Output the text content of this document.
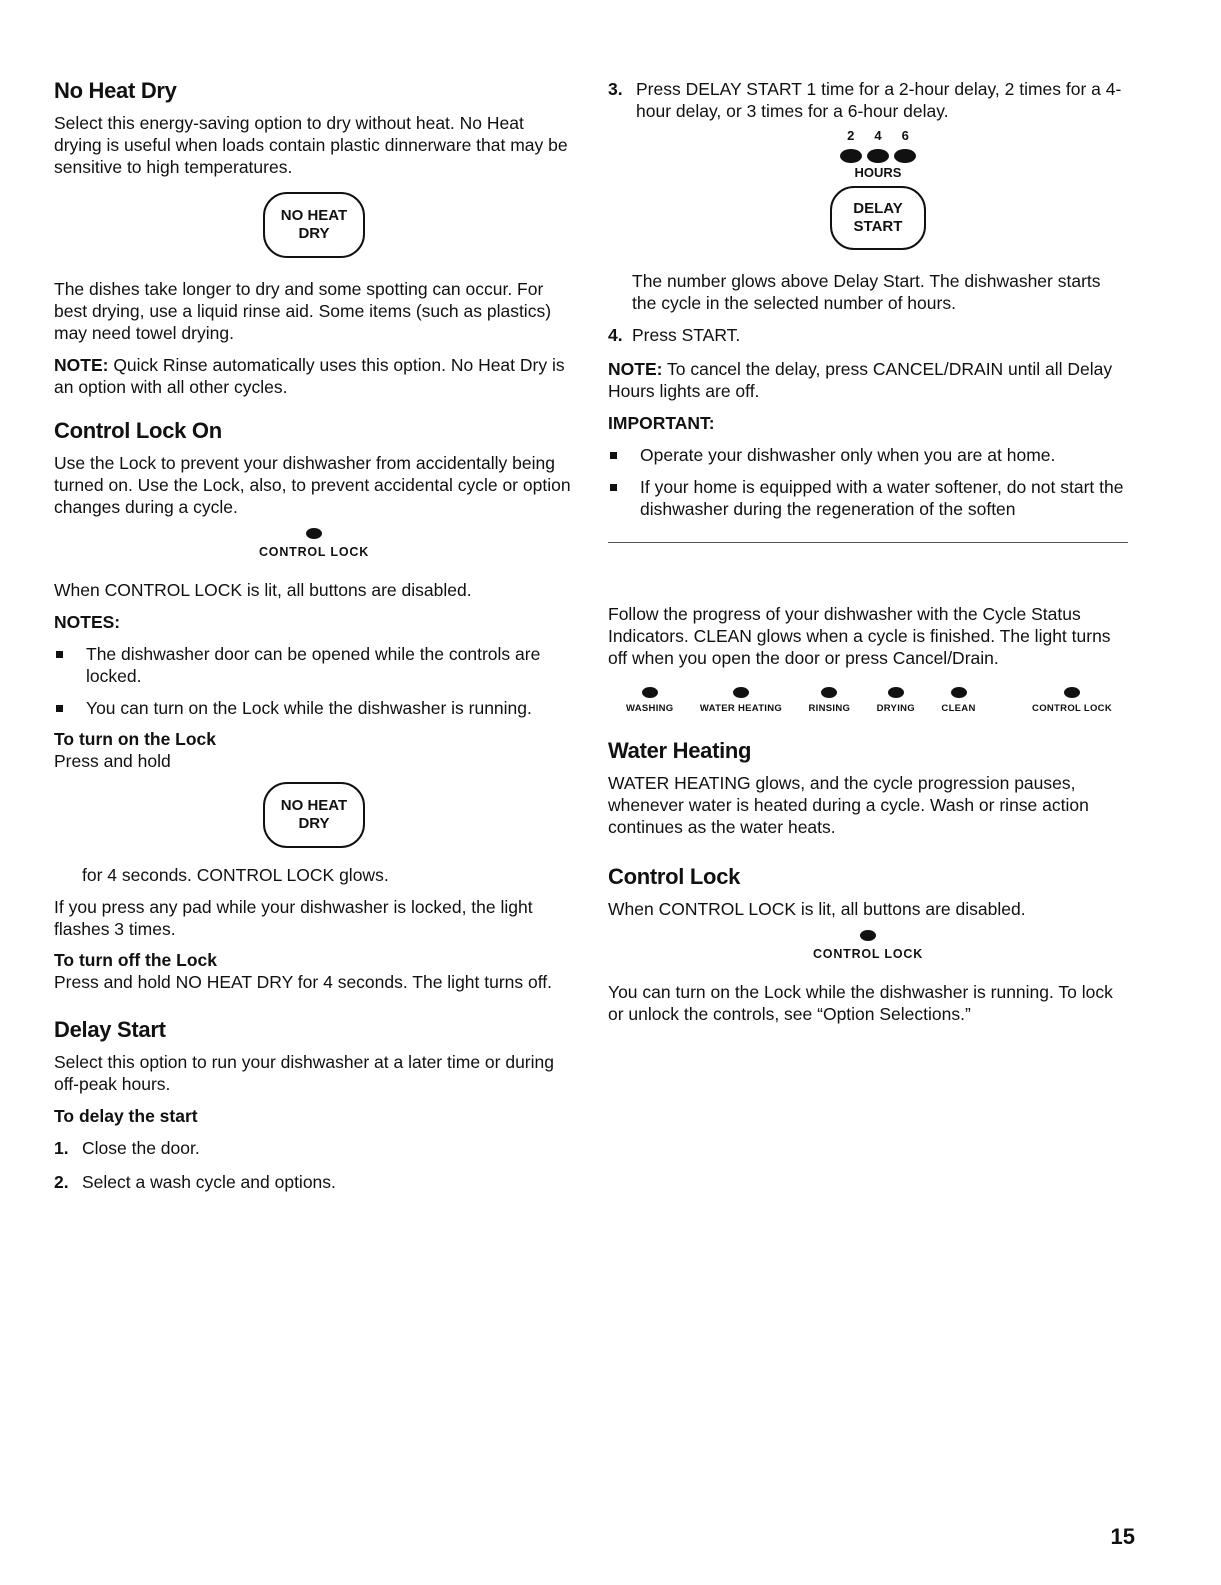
No Heat Dry

Select this energy-saving option to dry without heat. No Heat drying is useful when loads contain plastic dinnerware that may be sensitive to high temperatures.

NO HEAT
DRY

The dishes take longer to dry and some spotting can occur. For best drying, use a liquid rinse aid. Some items (such as plastics) may need towel drying.

NOTE: Quick Rinse automatically uses this option. No Heat Dry is an option with all other cycles.

Control Lock On

Use the Lock to prevent your dishwasher from accidentally being turned on. Use the Lock, also, to prevent accidental cycle or option changes during a cycle.

CONTROL LOCK

When CONTROL LOCK is lit, all buttons are disabled.

NOTES:

The dishwasher door can be opened while the controls are locked.
You can turn on the Lock while the dishwasher is running.
To turn on the Lock

Press and hold

NO HEAT
DRY

for 4 seconds. CONTROL LOCK glows.

If you press any pad while your dishwasher is locked, the light flashes 3 times.

To turn off the Lock

Press and hold NO HEAT DRY for 4 seconds. The light turns off.

Delay Start

Select this option to run your dishwasher at a later time or during off-peak hours.

To delay the start

1. Close the door.
2. Select a wash cycle and options.
3. Press DELAY START 1 time for a 2-hour delay, 2 times for a 4-hour delay, or 3 times for a 6-hour delay.

2 4 6
HOURS
DELAY
START

The number glows above Delay Start. The dishwasher starts the cycle in the selected number of hours.

4. Press START.

NOTE: To cancel the delay, press CANCEL/DRAIN until all Delay Hours lights are off.

IMPORTANT:

Operate your dishwasher only when you are at home.
If your home is equipped with a water softener, do not start the dishwasher during the regeneration of the soften

Follow the progress of your dishwasher with the Cycle Status Indicators. CLEAN glows when a cycle is finished. The light turns off when you open the door or press Cancel/Drain.

WASHING	WATER HEATING	RINSING	DRYING	CLEAN	CONTROL LOCK
Water Heating

WATER HEATING glows, and the cycle progression pauses, whenever water is heated during a cycle. Wash or rinse action continues as the water heats.

Control Lock

When CONTROL LOCK is lit, all buttons are disabled.

CONTROL LOCK

You can turn on the Lock while the dishwasher is running. To lock or unlock the controls, see “Option Selections.”

15
